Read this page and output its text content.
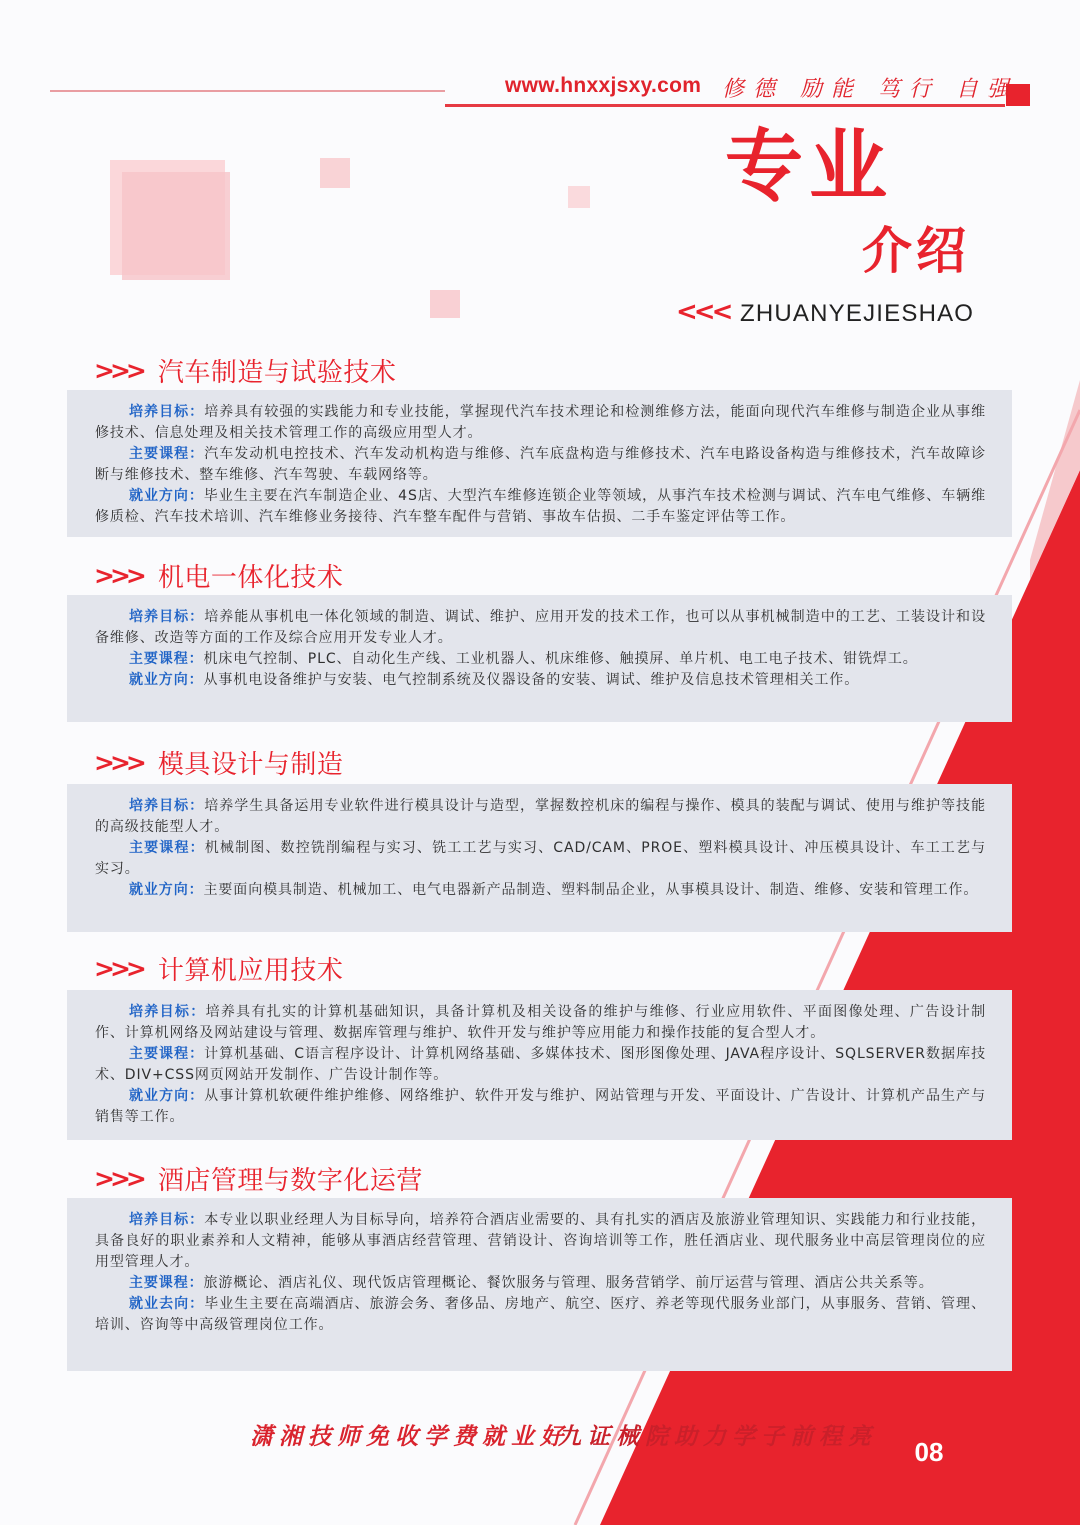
www.hnxxjsxy.com 修德 励能 笃行 自强
专业
介绍
<<< ZHUANYEJIESHAO
>>> 汽车制造与试验技术

培养目标：培养具有较强的实践能力和专业技能，掌握现代汽车技术理论和检测维修方法，能面向现代汽车维修与制造企业从事维修技术、信息处理及相关技术管理工作的高级应用型人才。

主要课程：汽车发动机电控技术、汽车发动机构造与维修、汽车底盘构造与维修技术、汽车电路设备构造与维修技术，汽车故障诊断与维修技术、整车维修、汽车驾驶、车载网络等。

就业方向：毕业生主要在汽车制造企业、4S店、大型汽车维修连锁企业等领域，从事汽车技术检测与调试、汽车电气维修、车辆维修质检、汽车技术培训、汽车维修业务接待、汽车整车配件与营销、事故车估损、二手车鉴定评估等工作。

>>> 机电一体化技术

培养目标：培养能从事机电一体化领域的制造、调试、维护、应用开发的技术工作，也可以从事机械制造中的工艺、工装设计和设备维修、改造等方面的工作及综合应用开发专业人才。

主要课程：机床电气控制、PLC、自动化生产线、工业机器人、机床维修、触摸屏、单片机、电工电子技术、钳铣焊工。

就业方向：从事机电设备维护与安装、电气控制系统及仪器设备的安装、调试、维护及信息技术管理相关工作。

>>> 模具设计与制造

培养目标：培养学生具备运用专业软件进行模具设计与造型，掌握数控机床的编程与操作、模具的装配与调试、使用与维护等技能的高级技能型人才。

主要课程：机械制图、数控铣削编程与实习、铣工工艺与实习、CAD/CAM、PROE、塑料模具设计、冲压模具设计、车工工艺与实习。

就业方向：主要面向模具制造、机械加工、电气电器新产品制造、塑料制品企业，从事模具设计、制造、维修、安装和管理工作。

>>> 计算机应用技术

培养目标：培养具有扎实的计算机基础知识，具备计算机及相关设备的维护与维修、行业应用软件、平面图像处理、广告设计制作、计算机网络及网站建设与管理、数据库管理与维护、软件开发与维护等应用能力和操作技能的复合型人才。

主要课程：计算机基础、C语言程序设计、计算机网络基础、多媒体技术、图形图像处理、JAVA程序设计、SQLSERVER数据库技术、DIV+CSS网页网站开发制作、广告设计制作等。

就业方向：从事计算机软硬件维护维修、网络维护、软件开发与维护、网站管理与开发、平面设计、广告设计、计算机产品生产与销售等工作。

>>> 酒店管理与数字化运营

培养目标：本专业以职业经理人为目标导向，培养符合酒店业需要的、具有扎实的酒店及旅游业管理知识、实践能力和行业技能，具备良好的职业素养和人文精神，能够从事酒店经营管理、营销设计、咨询培训等工作，胜任酒店业、现代服务业中高层管理岗位的应用型管理人才。

主要课程：旅游概论、酒店礼仪、现代饭店管理概论、餐饮服务与管理、服务营销学、前厅运营与管理、酒店公共关系等。

就业去向：毕业生主要在高端酒店、旅游会务、奢侈品、房地产、航空、医疗、养老等现代服务业部门，从事服务、营销、管理、培训、咨询等中高级管理岗位工作。

潇湘技师免收学费就业好
九证械院助力学子前程亮
08
